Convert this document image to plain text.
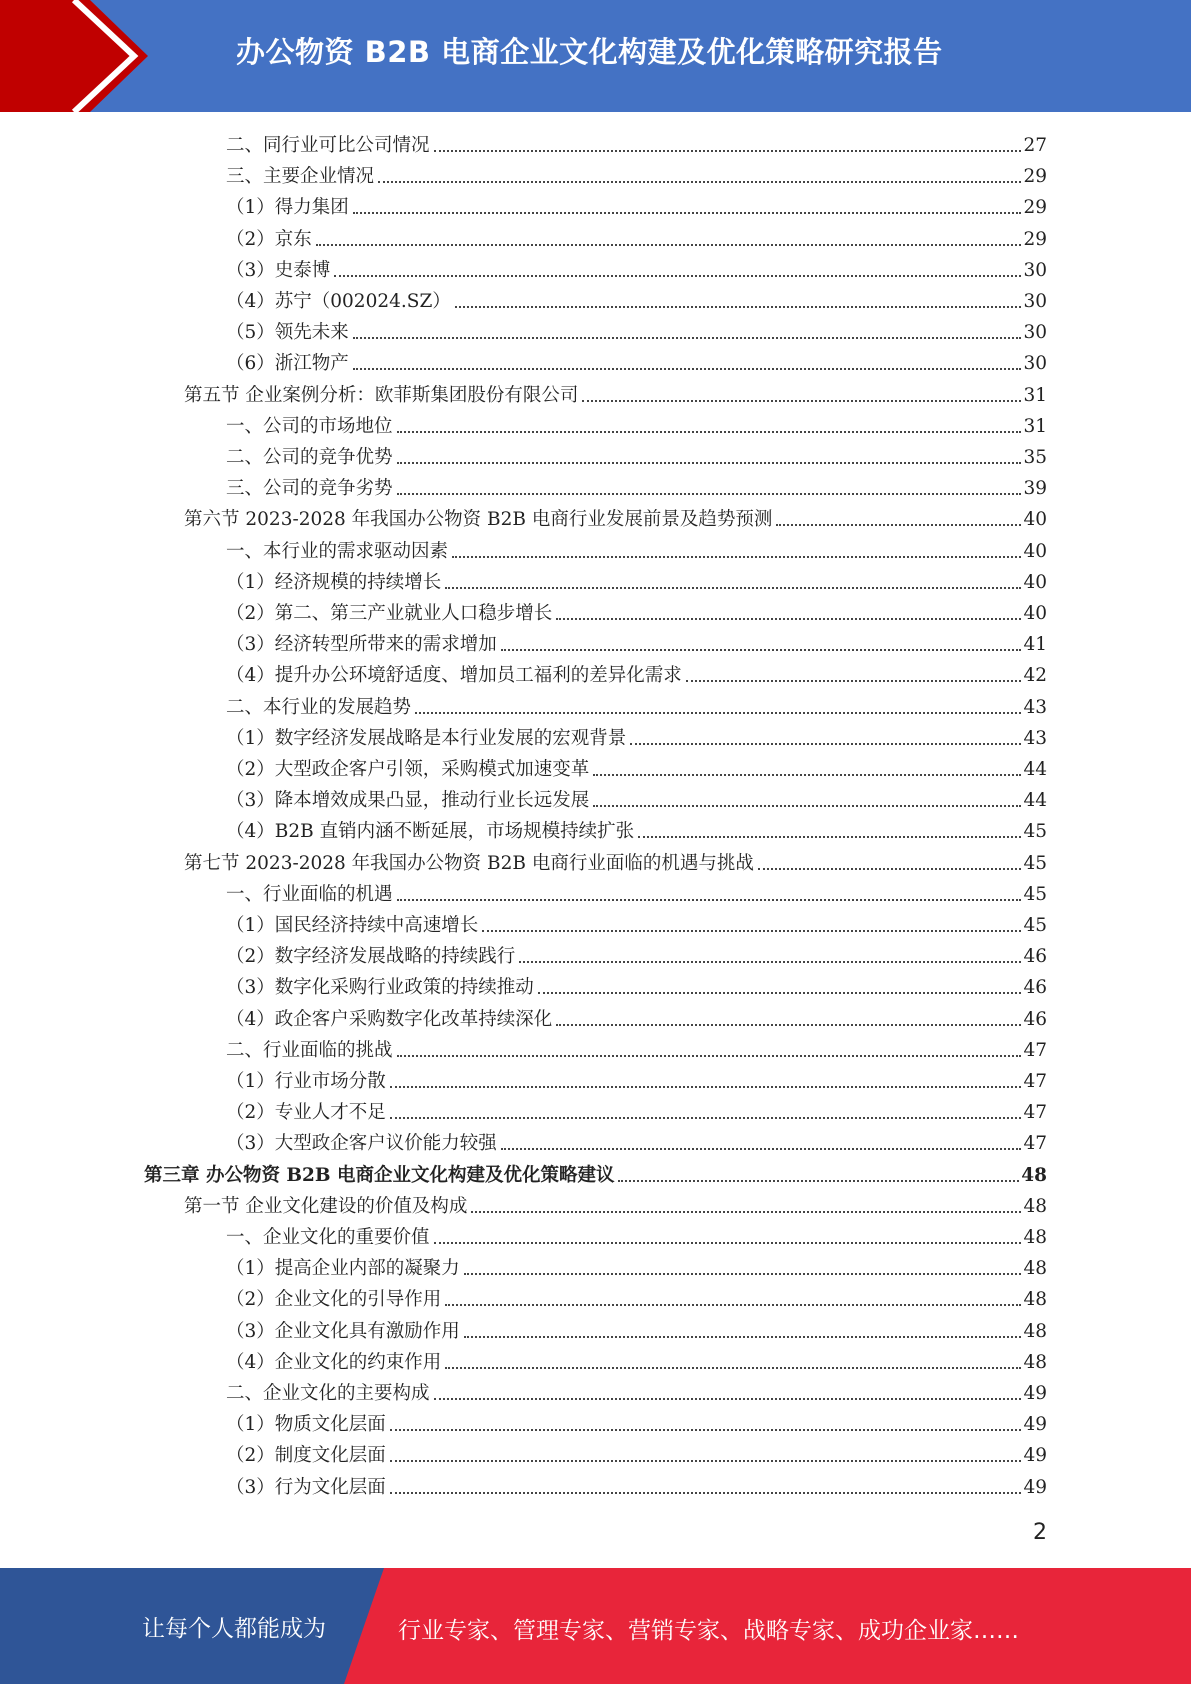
办公物资 B2B 电商企业文化构建及优化策略研究报告
二、同行业可比公司情况	27
三、主要企业情况	29
（1）得力集团	29
（2）京东	29
（3）史泰博	30
（4）苏宁（002024.SZ）	30
（5）领先未来	30
（6）浙江物产	30
第五节 企业案例分析：欧菲斯集团股份有限公司	31
一、公司的市场地位	31
二、公司的竞争优势	35
三、公司的竞争劣势	39
第六节 2023-2028 年我国办公物资 B2B 电商行业发展前景及趋势预测	40
一、本行业的需求驱动因素	40
（1）经济规模的持续增长	40
（2）第二、第三产业就业人口稳步增长	40
（3）经济转型所带来的需求增加	41
（4）提升办公环境舒适度、增加员工福利的差异化需求	42
二、本行业的发展趋势	43
（1）数字经济发展战略是本行业发展的宏观背景	43
（2）大型政企客户引领，采购模式加速变革	44
（3）降本增效成果凸显，推动行业长远发展	44
（4）B2B 直销内涵不断延展，市场规模持续扩张	45
第七节 2023-2028 年我国办公物资 B2B 电商行业面临的机遇与挑战	45
一、行业面临的机遇	45
（1）国民经济持续中高速增长	45
（2）数字经济发展战略的持续践行	46
（3）数字化采购行业政策的持续推动	46
（4）政企客户采购数字化改革持续深化	46
二、行业面临的挑战	47
（1）行业市场分散	47
（2）专业人才不足	47
（3）大型政企客户议价能力较强	47
第三章 办公物资 B2B 电商企业文化构建及优化策略建议	48
第一节 企业文化建设的价值及构成	48
一、企业文化的重要价值	48
（1）提高企业内部的凝聚力	48
（2）企业文化的引导作用	48
（3）企业文化具有激励作用	48
（4）企业文化的约束作用	48
二、企业文化的主要构成	49
（1）物质文化层面	49
（2）制度文化层面	49
（3）行为文化层面	49
2
让每个人都能成为	行业专家、管理专家、营销专家、战略专家、成功企业家……
